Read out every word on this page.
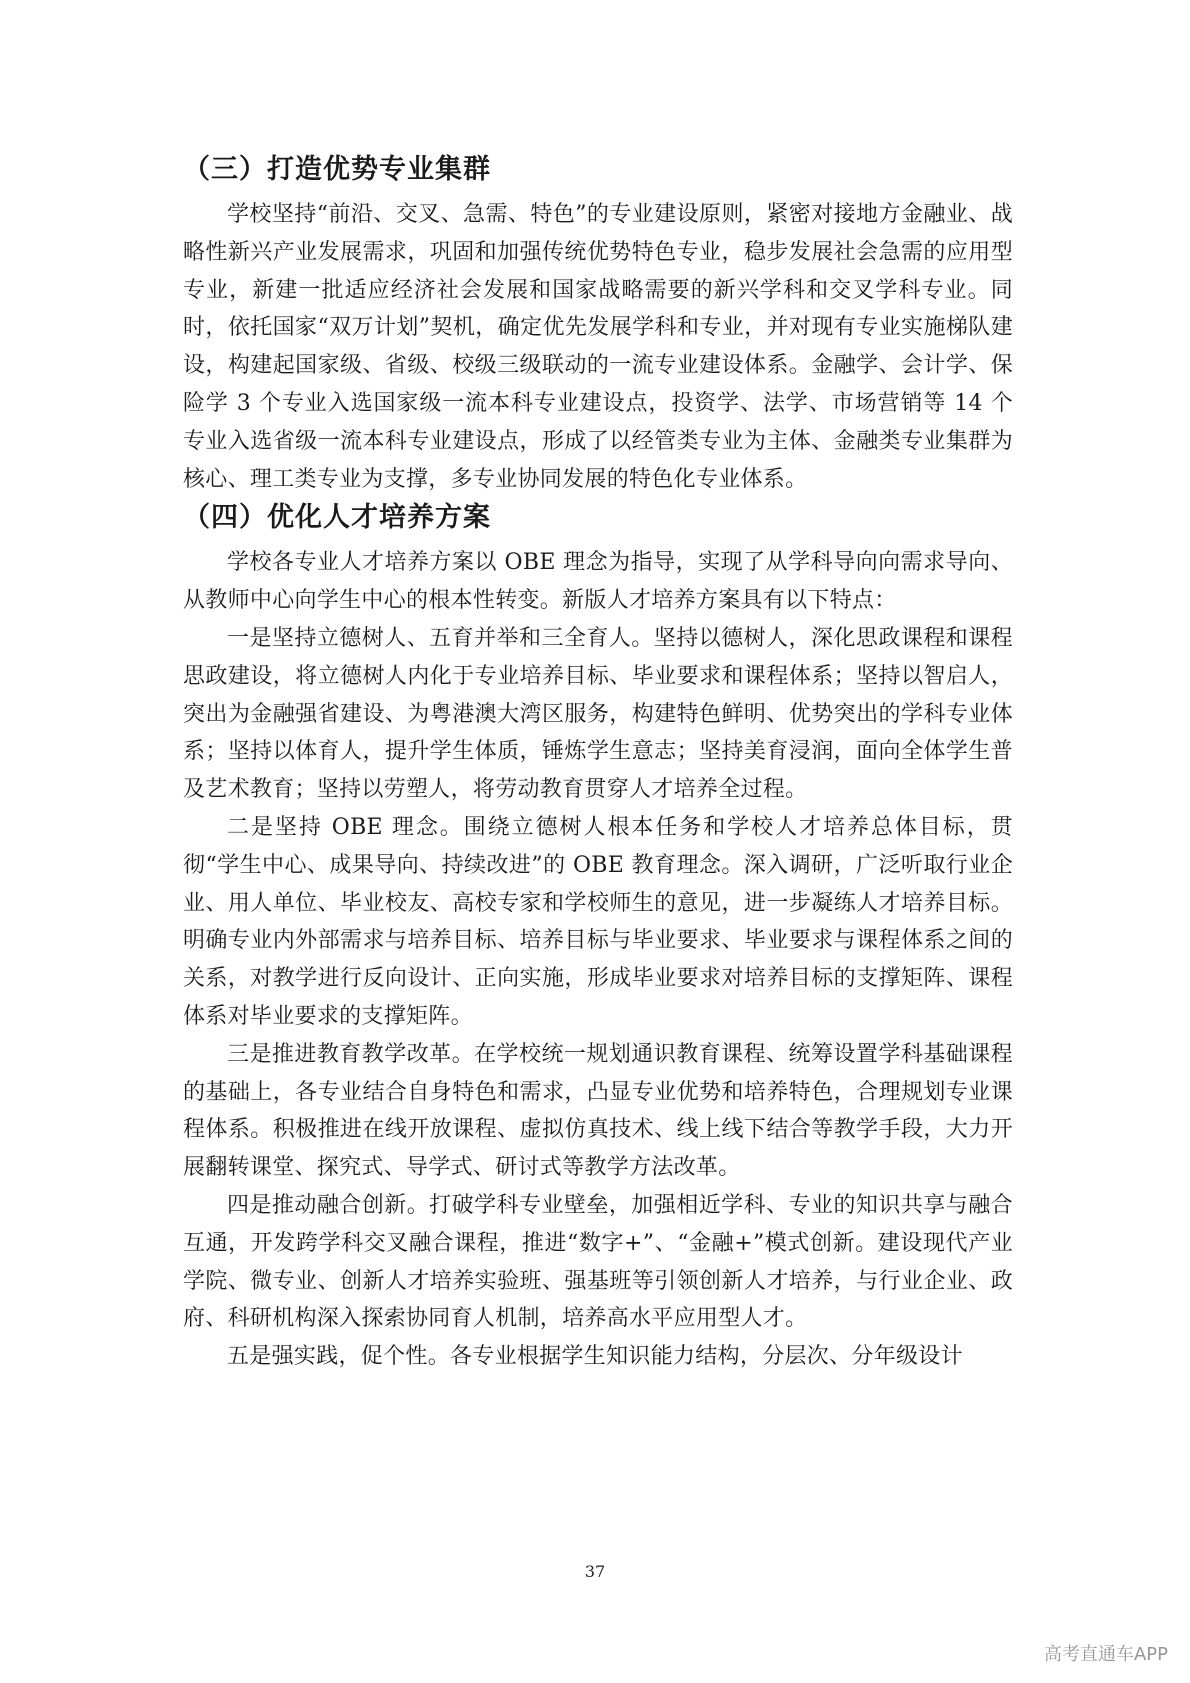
（三）打造优势专业集群

学校坚持“前沿、交叉、急需、特色”的专业建设原则，紧密对接地方金融业、战略性新兴产业发展需求，巩固和加强传统优势特色专业，稳步发展社会急需的应用型专业，新建一批适应经济社会发展和国家战略需要的新兴学科和交叉学科专业。同时，依托国家“双万计划”契机，确定优先发展学科和专业，并对现有专业实施梯队建设，构建起国家级、省级、校级三级联动的一流专业建设体系。金融学、会计学、保险学 3 个专业入选国家级一流本科专业建设点，投资学、法学、市场营销等 14 个专业入选省级一流本科专业建设点，形成了以经管类专业为主体、金融类专业集群为核心、理工类专业为支撑，多专业协同发展的特色化专业体系。

（四）优化人才培养方案

学校各专业人才培养方案以 OBE 理念为指导，实现了从学科导向向需求导向、从教师中心向学生中心的根本性转变。新版人才培养方案具有以下特点：

一是坚持立德树人、五育并举和三全育人。坚持以德树人，深化思政课程和课程思政建设，将立德树人内化于专业培养目标、毕业要求和课程体系；坚持以智启人，突出为金融强省建设、为粤港澳大湾区服务，构建特色鲜明、优势突出的学科专业体系；坚持以体育人，提升学生体质，锤炼学生意志；坚持美育浸润，面向全体学生普及艺术教育；坚持以劳塑人，将劳动教育贯穿人才培养全过程。

二是坚持 OBE 理念。围绕立德树人根本任务和学校人才培养总体目标，贯彻“学生中心、成果导向、持续改进”的 OBE 教育理念。深入调研，广泛听取行业企业、用人单位、毕业校友、高校专家和学校师生的意见，进一步凝练人才培养目标。明确专业内外部需求与培养目标、培养目标与毕业要求、毕业要求与课程体系之间的关系，对教学进行反向设计、正向实施，形成毕业要求对培养目标的支撑矩阵、课程体系对毕业要求的支撑矩阵。

三是推进教育教学改革。在学校统一规划通识教育课程、统筹设置学科基础课程的基础上，各专业结合自身特色和需求，凸显专业优势和培养特色，合理规划专业课程体系。积极推进在线开放课程、虚拟仿真技术、线上线下结合等教学手段，大力开展翻转课堂、探究式、导学式、研讨式等教学方法改革。

四是推动融合创新。打破学科专业壁垒，加强相近学科、专业的知识共享与融合互通，开发跨学科交叉融合课程，推进“数字+”、“金融+”模式创新。建设现代产业学院、微专业、创新人才培养实验班、强基班等引领创新人才培养，与行业企业、政府、科研机构深入探索协同育人机制，培养高水平应用型人才。

五是强实践，促个性。各专业根据学生知识能力结构，分层次、分年级设计

37
高考直通车APP
